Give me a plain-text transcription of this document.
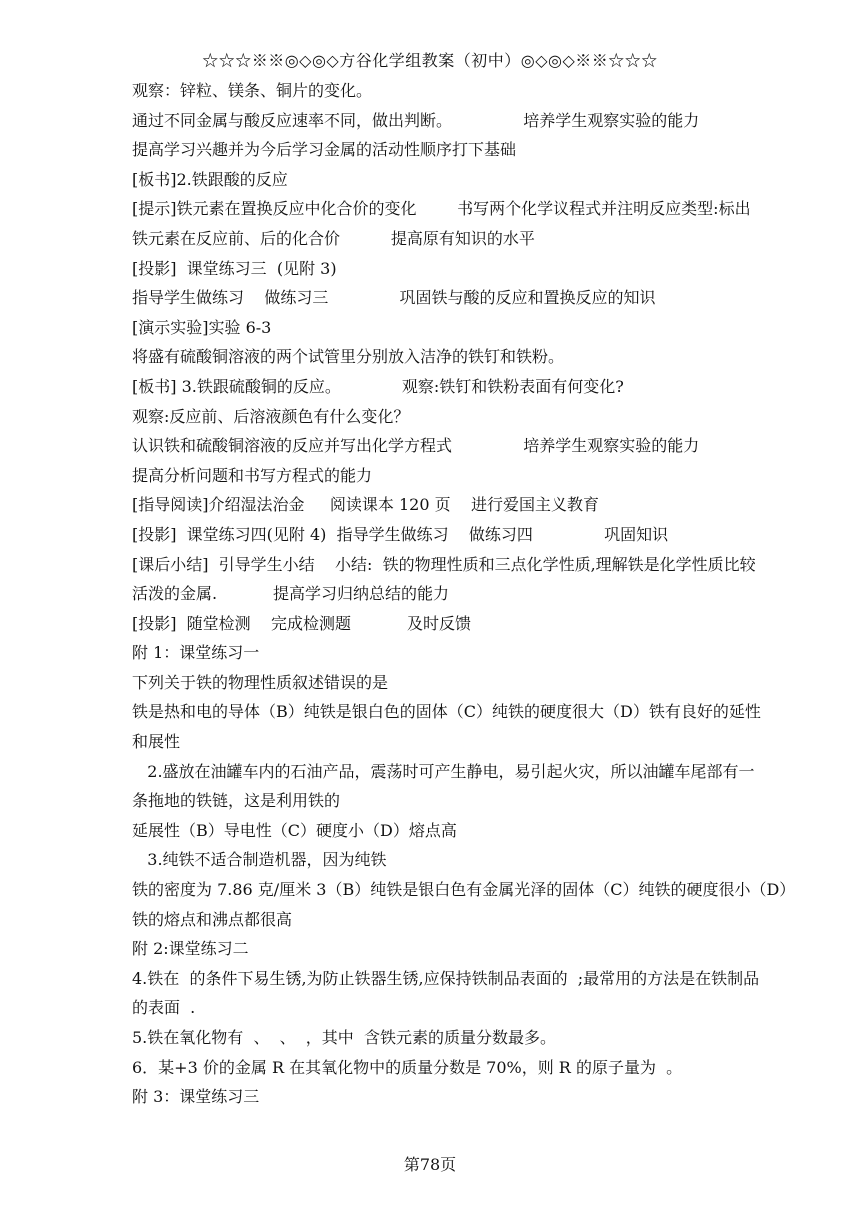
☆☆☆※※◎◇◎◇方谷化学组教案（初中）◎◇◎◇※※☆☆☆
观察：锌粒、镁条、铜片的变化。
通过不同金属与酸反应速率不同，做出判断。              培养学生观察实验的能力
提高学习兴趣并为今后学习金属的活动性顺序打下基础
[板书]2.铁跟酸的反应
[提示]铁元素在置换反应中化合价的变化        书写两个化学议程式并注明反应类型:标出
铁元素在反应前、后的化合价          提高原有知识的水平
[投影]  课堂练习三  (见附 3)
指导学生做练习    做练习三              巩固铁与酸的反应和置换反应的知识
[演示实验]实验 6-3
将盛有硫酸铜溶液的两个试管里分别放入洁净的铁钉和铁粉。
[板书] 3.铁跟硫酸铜的反应。            观察:铁钉和铁粉表面有何变化?
观察:反应前、后溶液颜色有什么变化？
认识铁和硫酸铜溶液的反应并写出化学方程式              培养学生观察实验的能力
提高分析问题和书写方程式的能力
[指导阅读]介绍湿法治金     阅读课本 120 页    进行爱国主义教育
[投影]  课堂练习四(见附 4)  指导学生做练习    做练习四              巩固知识
[课后小结]  引导学生小结    小结:  铁的物理性质和三点化学性质,理解铁是化学性质比较
活泼的金属.           提高学习归纳总结的能力
[投影]  随堂检测    完成检测题           及时反馈
附 1：课堂练习一
下列关于铁的物理性质叙述错误的是
铁是热和电的导体（B）纯铁是银白色的固体（C）纯铁的硬度很大（D）铁有良好的延性
和展性
2.盛放在油罐车内的石油产品，震荡时可产生静电，易引起火灾，所以油罐车尾部有一
条拖地的铁链，这是利用铁的
延展性（B）导电性（C）硬度小（D）熔点高
3.纯铁不适合制造机器，因为纯铁
铁的密度为 7.86 克/厘米 3（B）纯铁是银白色有金属光泽的固体（C）纯铁的硬度很小（D）
铁的熔点和沸点都很高
附 2:课堂练习二
4.铁在  的条件下易生锈,为防止铁器生锈,应保持铁制品表面的  ;最常用的方法是在铁制品
的表面  .
5.铁在氧化物有  、  、  ，其中  含铁元素的质量分数最多。
6．某+3 价的金属 R 在其氧化物中的质量分数是 70%，则 R 的原子量为  。
附 3：课堂练习三
第78页
